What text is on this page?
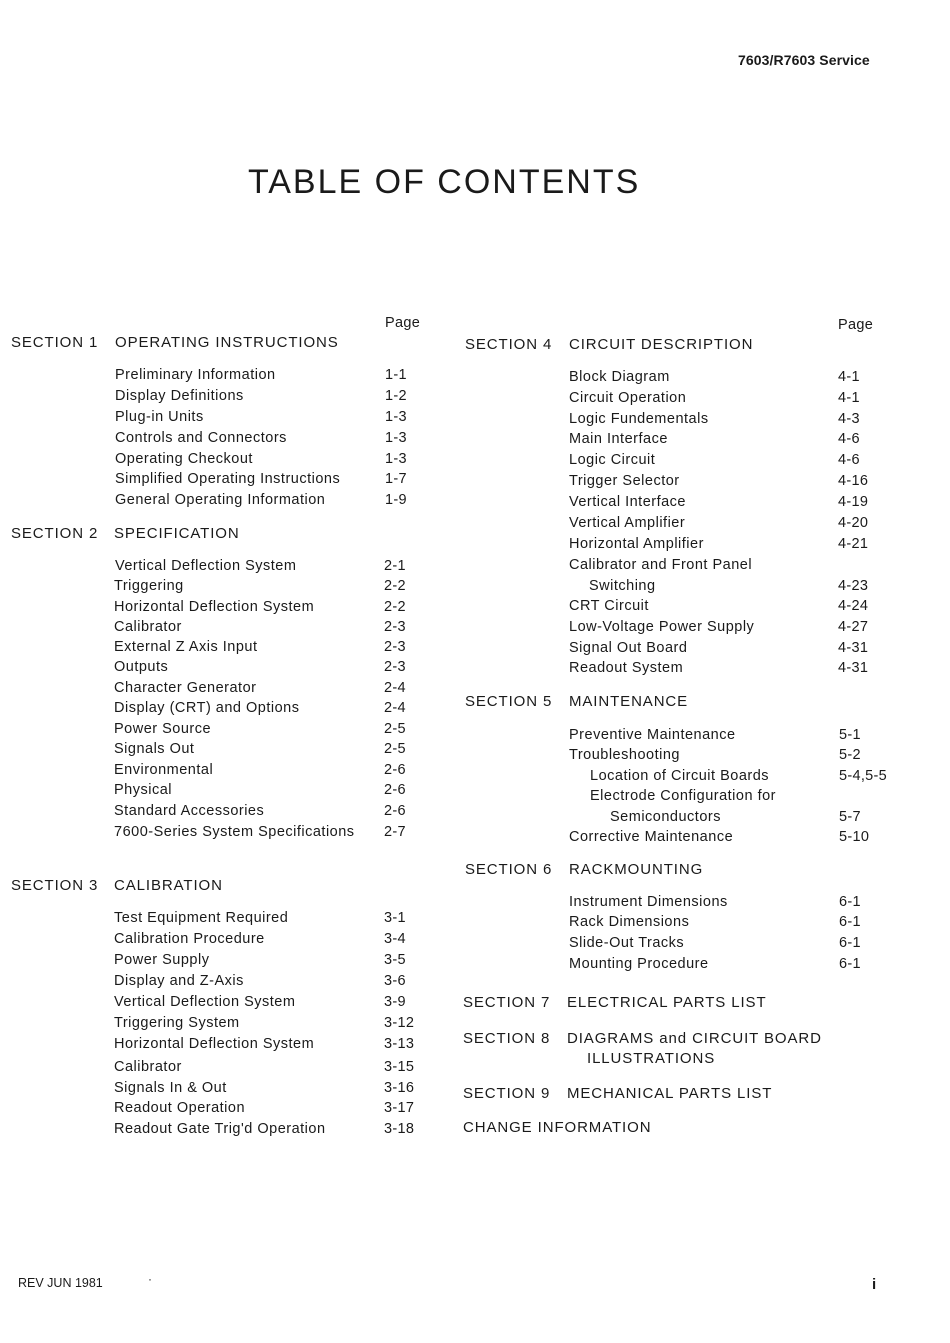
7603/R7603 Service
TABLE OF CONTENTS
Page	Page
SECTION 1 OPERATING INSTRUCTIONS
Preliminary Information	1-1
Display Definitions	1-2
Plug-in Units	1-3
Controls and Connectors	1-3
Operating Checkout	1-3
Simplified Operating Instructions	1-7
General Operating Information	1-9
SECTION 2 SPECIFICATION
Vertical Deflection System	2-1
Triggering	2-2
Horizontal Deflection System	2-2
Calibrator	2-3
External Z Axis Input	2-3
Outputs	2-3
Character Generator	2-4
Display (CRT) and Options	2-4
Power Source	2-5
Signals Out	2-5
Environmental	2-6
Physical	2-6
Standard Accessories	2-6
7600-Series System Specifications 2-7
SECTION 3 CALIBRATION
Test Equipment Required	3-1
Calibration Procedure	3-4
Power Supply	3-5
Display and Z-Axis	3-6
Vertical Deflection System	3-9
Triggering System	3-12
Horizontal Deflection System	3-13
Calibrator	3-15
Signals In & Out	3-16
Readout Operation	3-17
Readout Gate Trig'd Operation	3-18
SECTION 4 CIRCUIT DESCRIPTION
Block Diagram	4-1
Circuit Operation	4-1
Logic Fundementals	4-3
Main Interface	4-6
Logic Circuit	4-6
Trigger Selector	4-16
Vertical Interface	4-19
Vertical Amplifier	4-20
Horizontal Amplifier	4-21
Calibrator and Front Panel
Switching	4-23
CRT Circuit	4-24
Low-Voltage Power Supply	4-27
Signal Out Board	4-31
Readout System	4-31
SECTION 5 MAINTENANCE
Preventive Maintenance	5-1
Troubleshooting	5-2
Location of Circuit Boards	5-4,5-5
Electrode Configuration for
Semiconductors	5-7
Corrective Maintenance	5-10
SECTION 6 RACKMOUNTING
Instrument Dimensions	6-1
Rack Dimensions	6-1
Slide-Out Tracks	6-1
Mounting Procedure	6-1
SECTION 7 ELECTRICAL PARTS LIST
SECTION 8 DIAGRAMS and CIRCUIT BOARD
ILLUSTRATIONS
SECTION 9 MECHANICAL PARTS LIST
CHANGE INFORMATION
REV JUN 1981	·	i
